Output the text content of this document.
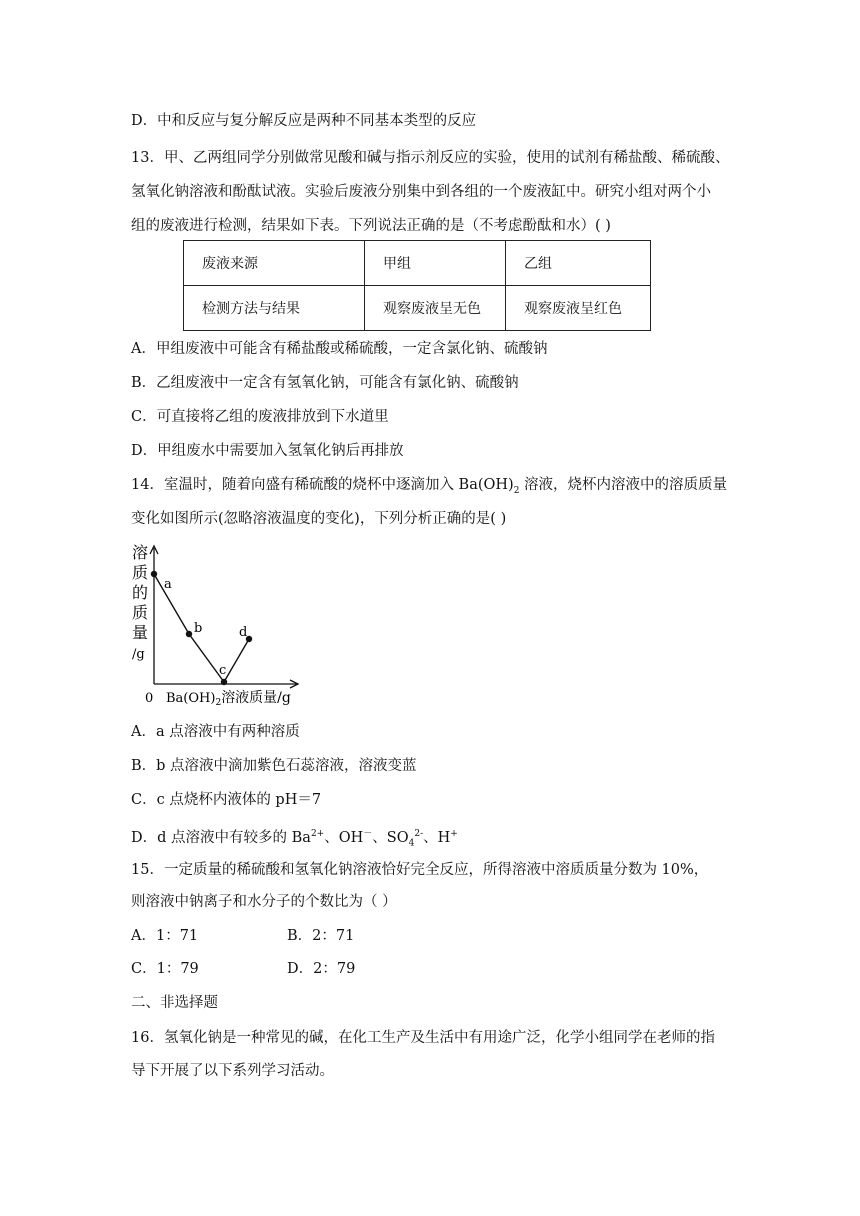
D．中和反应与复分解反应是两种不同基本类型的反应
13．甲、乙两组同学分别做常见酸和碱与指示剂反应的实验，使用的试剂有稀盐酸、稀硫酸、
氢氧化钠溶液和酚酞试液。实验后废液分别集中到各组的一个废液缸中。研究小组对两个小
组的废液进行检测，结果如下表。下列说法正确的是（不考虑酚酞和水）( )
废液来源	甲组	乙组
检测方法与结果	观察废液呈无色	观察废液呈红色
A．甲组废液中可能含有稀盐酸或稀硫酸，一定含氯化钠、硫酸钠
B．乙组废液中一定含有氢氧化钠，可能含有氯化钠、硫酸钠
C．可直接将乙组的废液排放到下水道里
D．甲组废水中需要加入氢氧化钠后再排放
14．室温时，随着向盛有稀硫酸的烧杯中逐滴加入 $Ba(OH)_2$ 溶液，烧杯内溶液中的溶质质量
变化如图所示(忽略溶液温度的变化)，下列分析正确的是( )
溶
质
的
质
量
/g
a
b
c
d
0 $Ba(OH)_2$溶液质量/g
A．a 点溶液中有两种溶质
B．b 点溶液中滴加紫色石蕊溶液，溶液变蓝
C．c 点烧杯内液体的 pH＝7
D．d 点溶液中有较多的 $Ba^{2+}$、OH－、$SO_4^{2-}$、H+
15．一定质量的稀硫酸和氢氧化钠溶液恰好完全反应，所得溶液中溶质质量分数为 10%，
则溶液中钠离子和水分子的个数比为（ ）
A．1：71	B．2：71
C．1：79	D．2：79
二、非选择题
16．氢氧化钠是一种常见的碱，在化工生产及生活中有用途广泛，化学小组同学在老师的指
导下开展了以下系列学习活动。
